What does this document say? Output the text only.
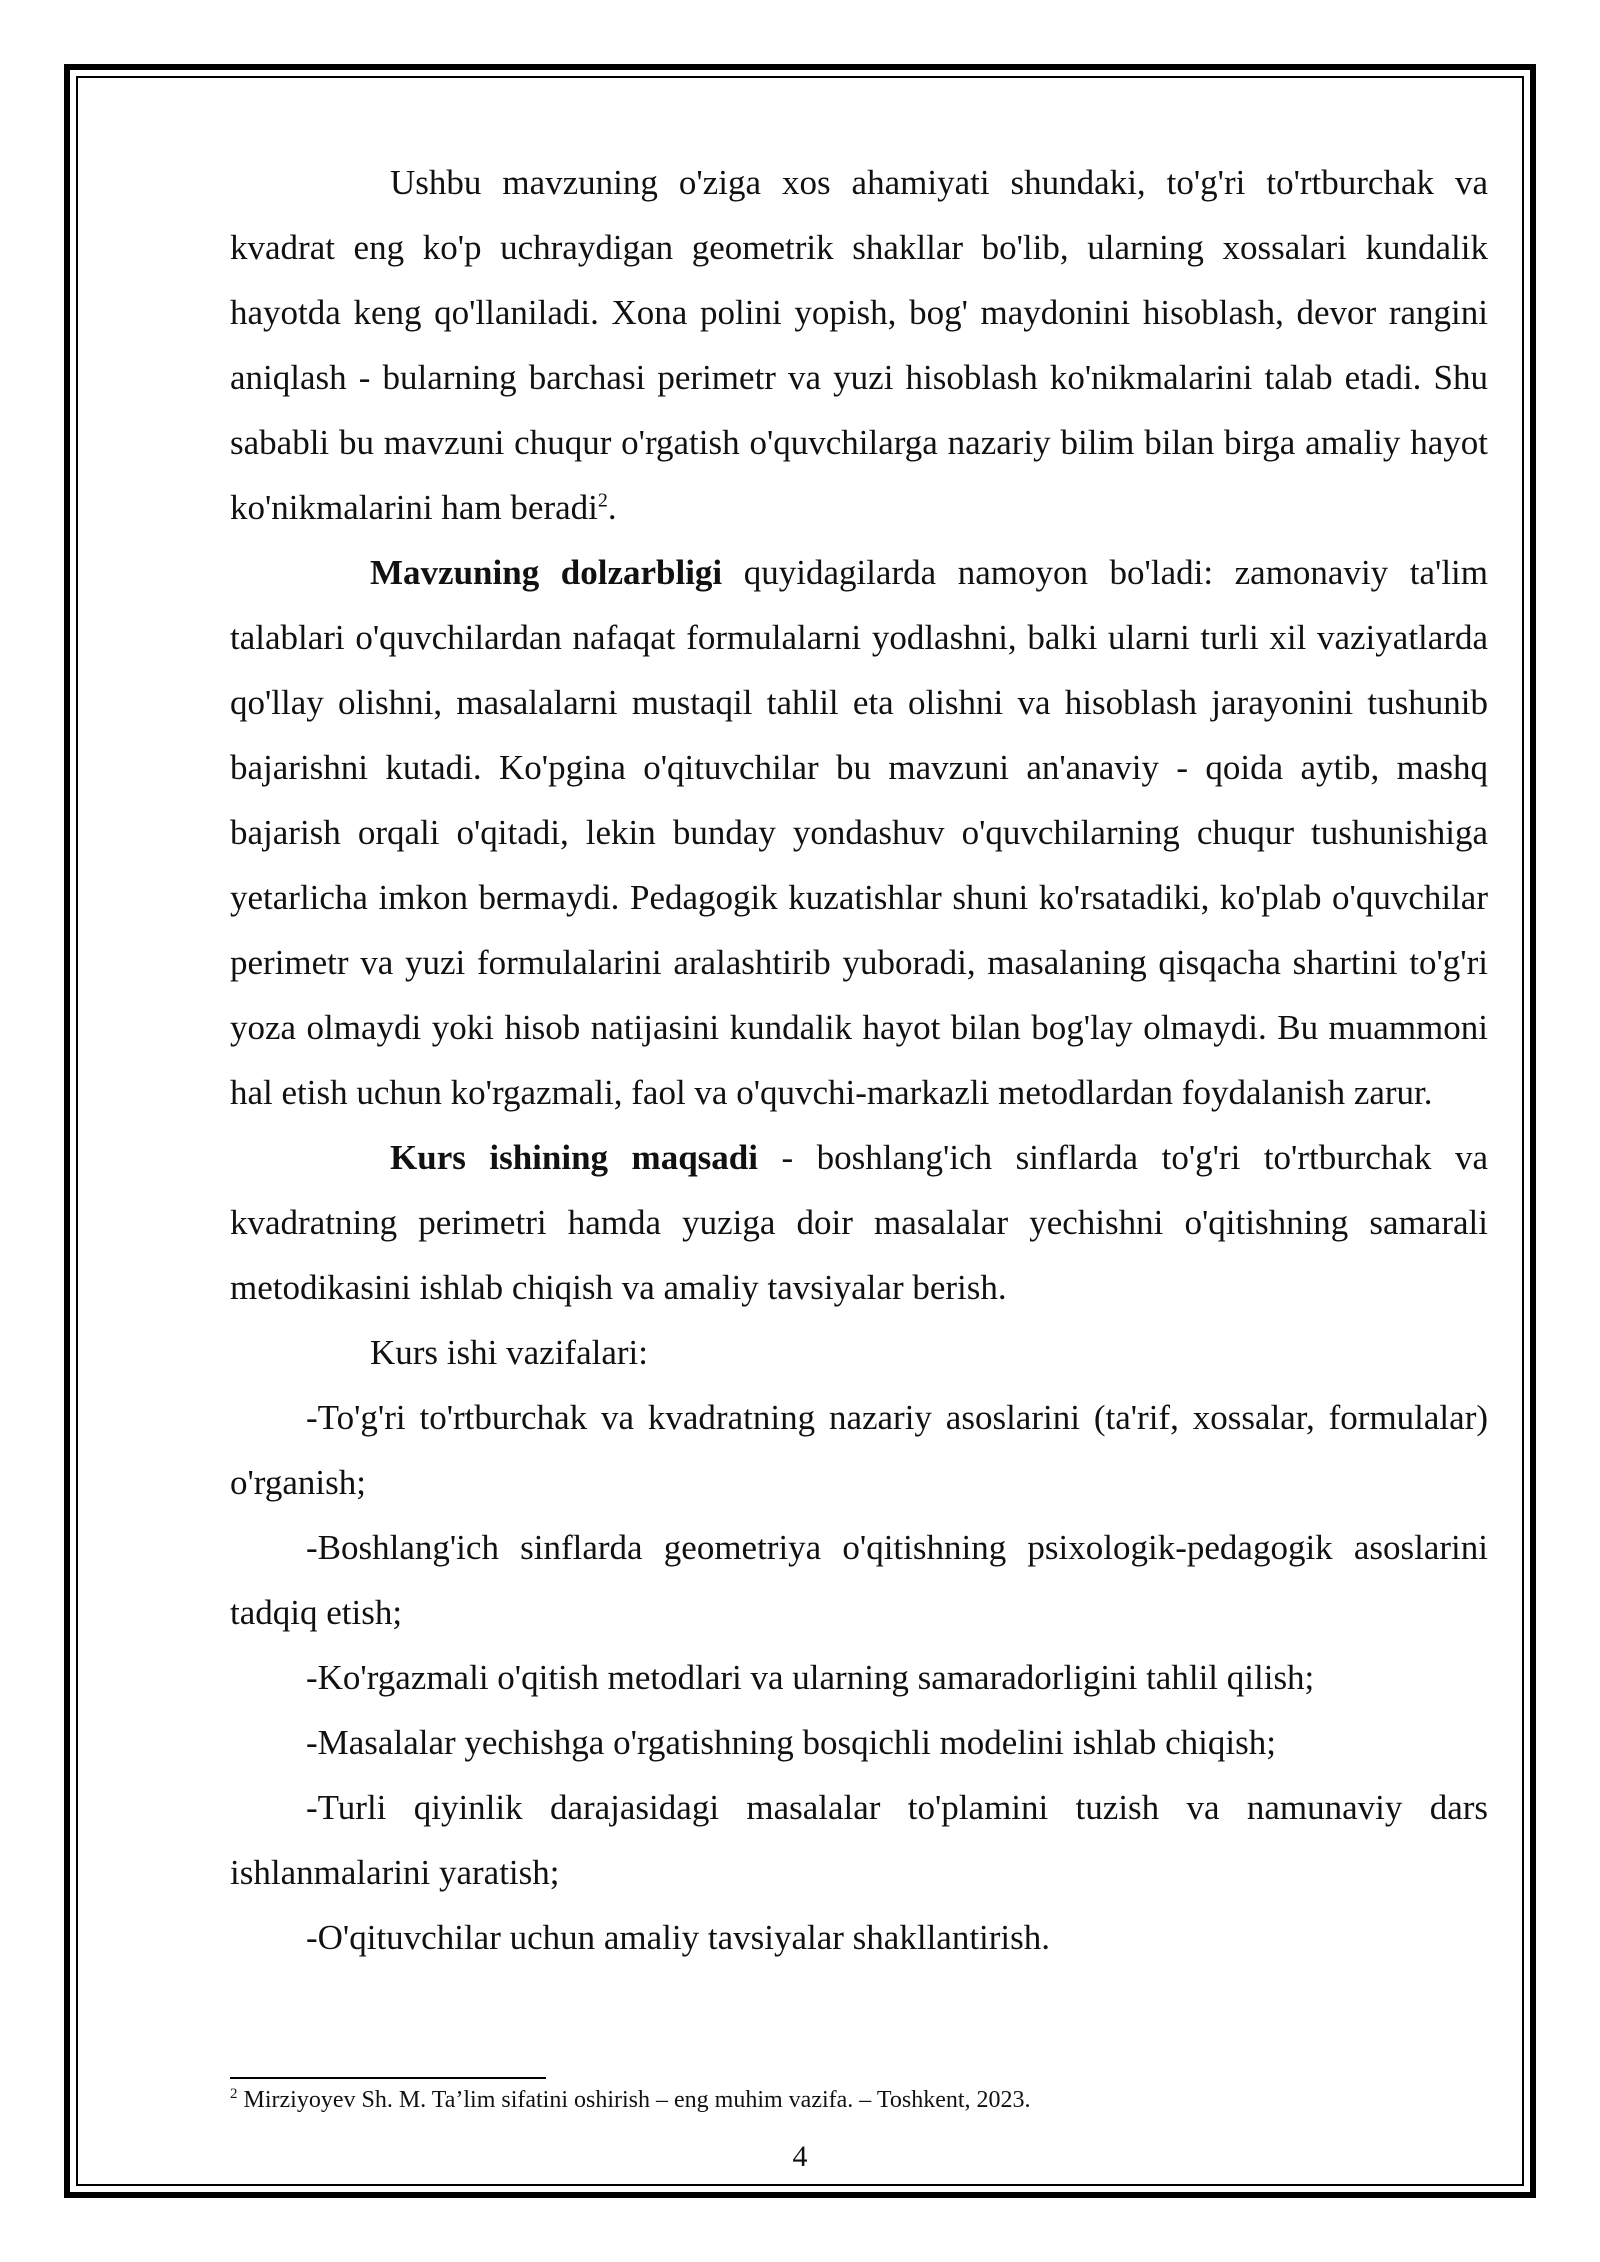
Ushbu mavzuning o'ziga xos ahamiyati shundaki, to'g'ri to'rtburchak va kvadrat eng ko'p uchraydigan geometrik shakllar bo'lib, ularning xossalari kundalik hayotda keng qo'llaniladi. Xona polini yopish, bog' maydonini hisoblash, devor rangini aniqlash - bularning barchasi perimetr va yuzi hisoblash ko'nikmalarini talab etadi. Shu sababli bu mavzuni chuqur o'rgatish o'quvchilarga nazariy bilim bilan birga amaliy hayot ko'nikmalarini ham beradi$^2$.

Mavzuning dolzarbligi quyidagilarda namoyon bo'ladi: zamonaviy ta'lim talablari o'quvchilardan nafaqat formulalarni yodlashni, balki ularni turli xil vaziyatlarda qo'llay olishni, masalalarni mustaqil tahlil eta olishni va hisoblash jarayonini tushunib bajarishni kutadi. Ko'pgina o'qituvchilar bu mavzuni an'anaviy - qoida aytib, mashq bajarish orqali o'qitadi, lekin bunday yondashuv o'quvchilarning chuqur tushunishiga yetarlicha imkon bermaydi. Pedagogik kuzatishlar shuni ko'rsatadiki, ko'plab o'quvchilar perimetr va yuzi formulalarini aralashtirib yuboradi, masalaning qisqacha shartini to'g'ri yoza olmaydi yoki hisob natijasini kundalik hayot bilan bog'lay olmaydi. Bu muammoni hal etish uchun ko'rgazmali, faol va o'quvchi-markazli metodlardan foydalanish zarur.

Kurs ishining maqsadi - boshlang'ich sinflarda to'g'ri to'rtburchak va kvadratning perimetri hamda yuziga doir masalalar yechishni o'qitishning samarali metodikasini ishlab chiqish va amaliy tavsiyalar berish.

Kurs ishi vazifalari:

-To'g'ri to'rtburchak va kvadratning nazariy asoslarini (ta'rif, xossalar, formulalar) o'rganish;

-Boshlang'ich sinflarda geometriya o'qitishning psixologik-pedagogik asoslarini tadqiq etish;

-Ko'rgazmali o'qitish metodlari va ularning samaradorligini tahlil qilish;

-Masalalar yechishga o'rgatishning bosqichli modelini ishlab chiqish;

-Turli qiyinlik darajasidagi masalalar to'plamini tuzish va namunaviy dars ishlanmalarini yaratish;

-O'qituvchilar uchun amaliy tavsiyalar shakllantirish.

$^2$ Mirziyoyev Sh. M. Ta’lim sifatini oshirish – eng muhim vazifa. – Toshkent, 2023.
4
